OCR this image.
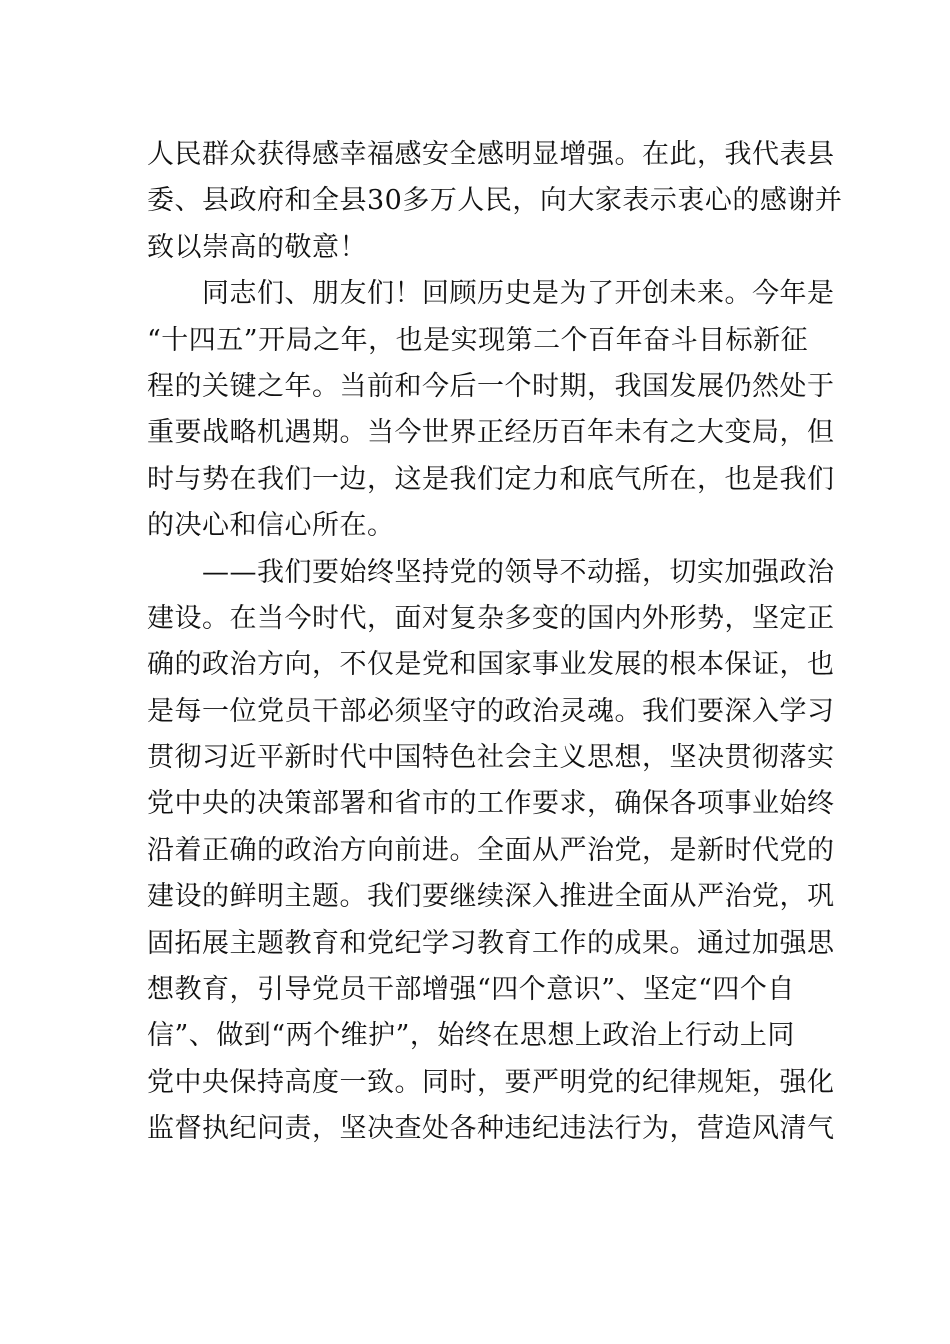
人民群众获得感幸福感安全感明显增强。在此，我代表县
委、县政府和全县30多万人民，向大家表示衷心的感谢并
致以崇高的敬意！
同志们、朋友们！回顾历史是为了开创未来。今年是
“十四五”开局之年，也是实现第二个百年奋斗目标新征
程的关键之年。当前和今后一个时期，我国发展仍然处于
重要战略机遇期。当今世界正经历百年未有之大变局，但
时与势在我们一边，这是我们定力和底气所在，也是我们
的决心和信心所在。
——我们要始终坚持党的领导不动摇，切实加强政治
建设。在当今时代，面对复杂多变的国内外形势，坚定正
确的政治方向，不仅是党和国家事业发展的根本保证，也
是每一位党员干部必须坚守的政治灵魂。我们要深入学习
贯彻习近平新时代中国特色社会主义思想，坚决贯彻落实
党中央的决策部署和省市的工作要求，确保各项事业始终
沿着正确的政治方向前进。全面从严治党，是新时代党的
建设的鲜明主题。我们要继续深入推进全面从严治党，巩
固拓展主题教育和党纪学习教育工作的成果。通过加强思
想教育，引导党员干部增强“四个意识”、坚定“四个自
信”、做到“两个维护”，始终在思想上政治上行动上同
党中央保持高度一致。同时，要严明党的纪律规矩，强化
监督执纪问责，坚决查处各种违纪违法行为，营造风清气
